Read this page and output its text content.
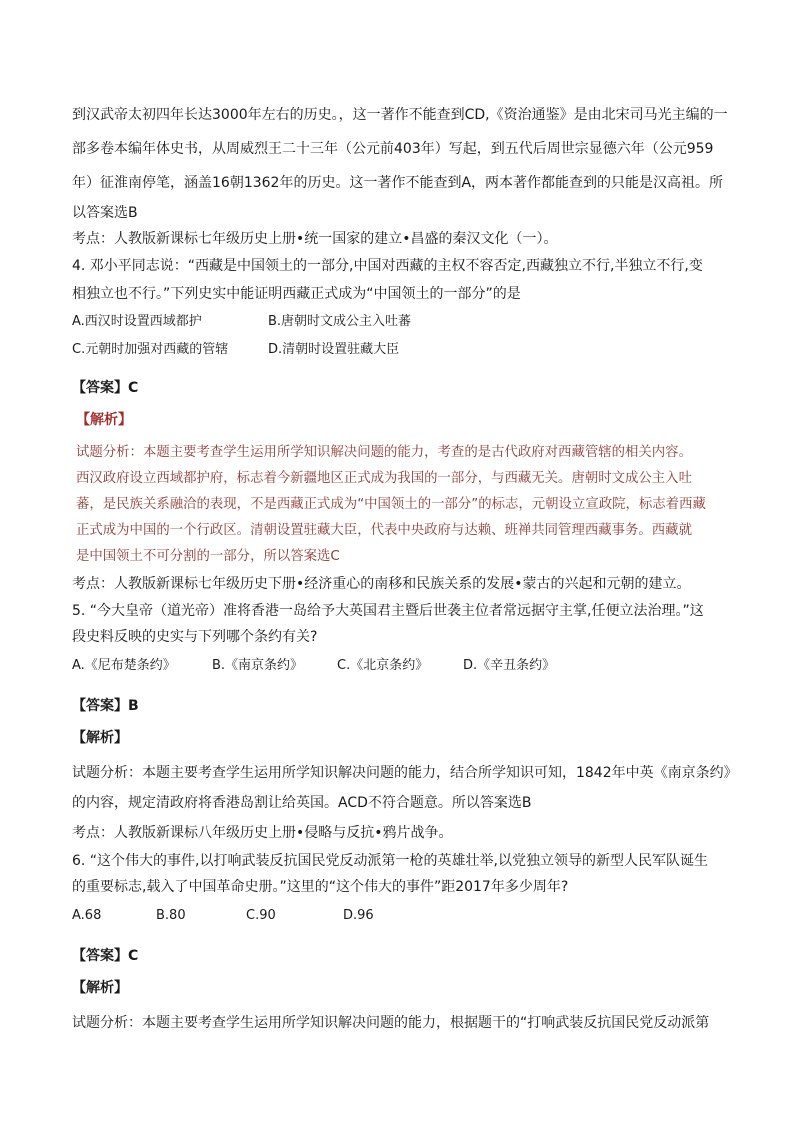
到汉武帝太初四年长达3000年左右的历史。，这一著作不能查到CD,《资治通鉴》是由北宋司马光主编的一
部多卷本编年体史书，从周威烈王二十三年（公元前403年）写起，到五代后周世宗显德六年（公元959
年）征淮南停笔，涵盖16朝1362年的历史。这一著作不能查到A，两本著作都能查到的只能是汉高祖。所
以答案选B
考点：人教版新课标七年级历史上册•统一国家的建立•昌盛的秦汉文化（一）。
4. 邓小平同志说：“西藏是中国领土的一部分,中国对西藏的主权不容否定,西藏独立不行,半独立不行,变
相独立也不行。”下列史实中能证明西藏正式成为“中国领土的一部分”的是
A.西汉时设置西域都护	B.唐朝时文成公主入吐蕃
C.元朝时加强对西藏的管辖	D.清朝时设置驻藏大臣
【答案】C
【解析】
试题分析：本题主要考查学生运用所学知识解决问题的能力，考查的是古代政府对西藏管辖的相关内容。
西汉政府设立西域都护府，标志着今新疆地区正式成为我国的一部分，与西藏无关。唐朝时文成公主入吐
蕃，是民族关系融洽的表现，不是西藏正式成为“中国领土的一部分”的标志，元朝设立宣政院，标志着西藏
正式成为中国的一个行政区。清朝设置驻藏大臣，代表中央政府与达赖、班禅共同管理西藏事务。西藏就
是中国领土不可分割的一部分，所以答案选C
考点：人教版新课标七年级历史下册•经济重心的南移和民族关系的发展•蒙古的兴起和元朝的建立。
5. “今大皇帝（道光帝）准将香港一岛给予大英国君主暨后世袭主位者常远据守主掌,任便立法治理。”这
段史料反映的史实与下列哪个条约有关?
A.《尼布楚条约》	B.《南京条约》	C.《北京条约》	D.《辛丑条约》
【答案】B
【解析】
试题分析：本题主要考查学生运用所学知识解决问题的能力，结合所学知识可知，1842年中英《南京条约》
的内容，规定清政府将香港岛割让给英国。ACD不符合题意。所以答案选B
考点：人教版新课标八年级历史上册•侵略与反抗•鸦片战争。
6. “这个伟大的事件,以打响武装反抗国民党反动派第一枪的英雄壮举,以党独立领导的新型人民军队诞生
的重要标志,载入了中国革命史册。”这里的“这个伟大的事件”距2017年多少周年?
A.68	B.80	C.90	D.96
【答案】C
【解析】
试题分析：本题主要考查学生运用所学知识解决问题的能力，根据题干的“打响武装反抗国民党反动派第
